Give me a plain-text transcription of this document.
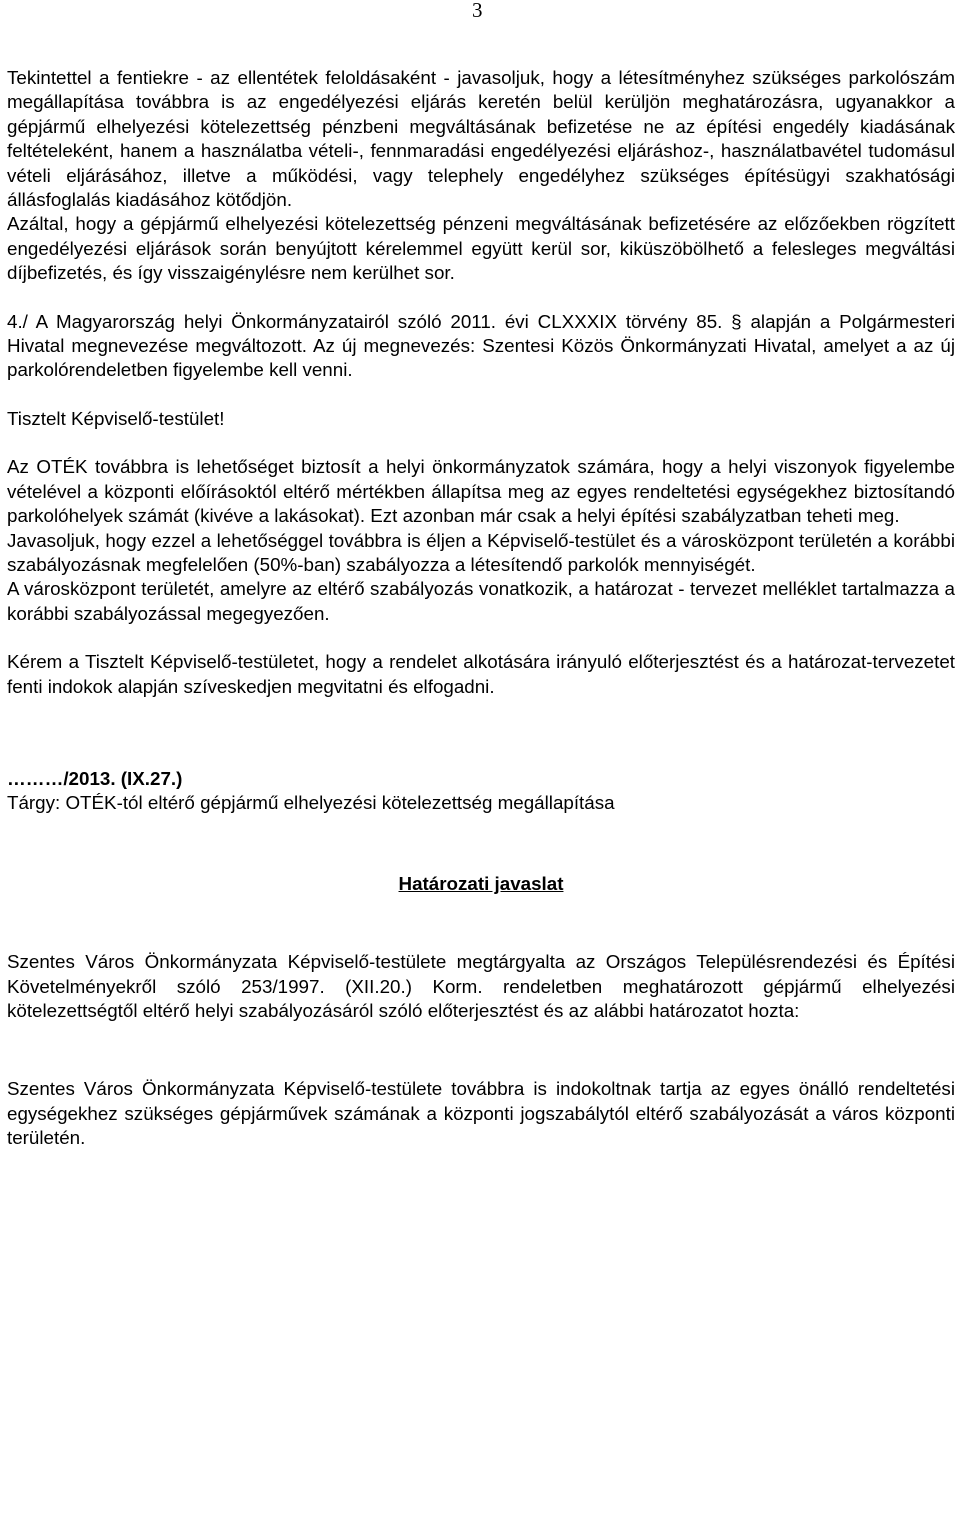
3

Tekintettel a fentiekre - az ellentétek feloldásaként - javasoljuk, hogy a létesítményhez szükséges parkolószám megállapítása továbbra is az engedélyezési eljárás keretén belül kerüljön meghatározásra, ugyanakkor a gépjármű elhelyezési kötelezettség pénzbeni megváltásának befizetése ne az építési engedély kiadásának feltételeként, hanem a használatba vételi-, fennmaradási engedélyezési eljáráshoz-, használatbavétel tudomásul vételi eljárásához, illetve a működési, vagy telephely engedélyhez szükséges építésügyi szakhatósági állásfoglalás kiadásához kötődjön.

Azáltal, hogy a gépjármű elhelyezési kötelezettség pénzeni megváltásának befizetésére az előzőekben rögzített engedélyezési eljárások során benyújtott kérelemmel együtt kerül sor, kiküszöbölhető a felesleges megváltási díjbefizetés, és így visszaigénylésre nem kerülhet sor.

4./ A Magyarország helyi Önkormányzatairól szóló 2011. évi CLXXXIX törvény 85. § alapján a Polgármesteri Hivatal megnevezése megváltozott. Az új megnevezés: Szentesi Közös Önkormányzati Hivatal, amelyet a az új parkolórendeletben figyelembe kell venni.

Tisztelt Képviselő-testület!

Az OTÉK továbbra is lehetőséget biztosít a helyi önkormányzatok számára, hogy a helyi viszonyok figyelembe vételével a központi előírásoktól eltérő mértékben állapítsa meg az egyes rendeltetési egységekhez biztosítandó parkolóhelyek számát (kivéve a lakásokat). Ezt azonban már csak a helyi építési szabályzatban teheti meg.

Javasoljuk, hogy ezzel a lehetőséggel továbbra is éljen a Képviselő-testület és a városközpont területén a korábbi szabályozásnak megfelelően (50%-ban) szabályozza a létesítendő parkolók mennyiségét.

A városközpont területét, amelyre az eltérő szabályozás vonatkozik, a határozat - tervezet melléklet tartalmazza a korábbi szabályozással megegyezően.

Kérem a Tisztelt Képviselő-testületet, hogy a rendelet alkotására irányuló előterjesztést és a határozat-tervezetet fenti indokok alapján szíveskedjen megvitatni és elfogadni.

………/2013. (IX.27.)

Tárgy: OTÉK-tól eltérő gépjármű elhelyezési kötelezettség megállapítása

Határozati javaslat

Szentes Város Önkormányzata Képviselő-testülete megtárgyalta az Országos Településrendezési és Építési Követelményekről szóló 253/1997. (XII.20.) Korm. rendeletben meghatározott gépjármű elhelyezési kötelezettségtől eltérő helyi szabályozásáról szóló előterjesztést és az alábbi határozatot hozta:

Szentes Város Önkormányzata Képviselő-testülete továbbra is indokoltnak tartja az egyes önálló rendeltetési egységekhez szükséges gépjárművek számának a központi jogszabálytól eltérő szabályozását a város központi területén.
